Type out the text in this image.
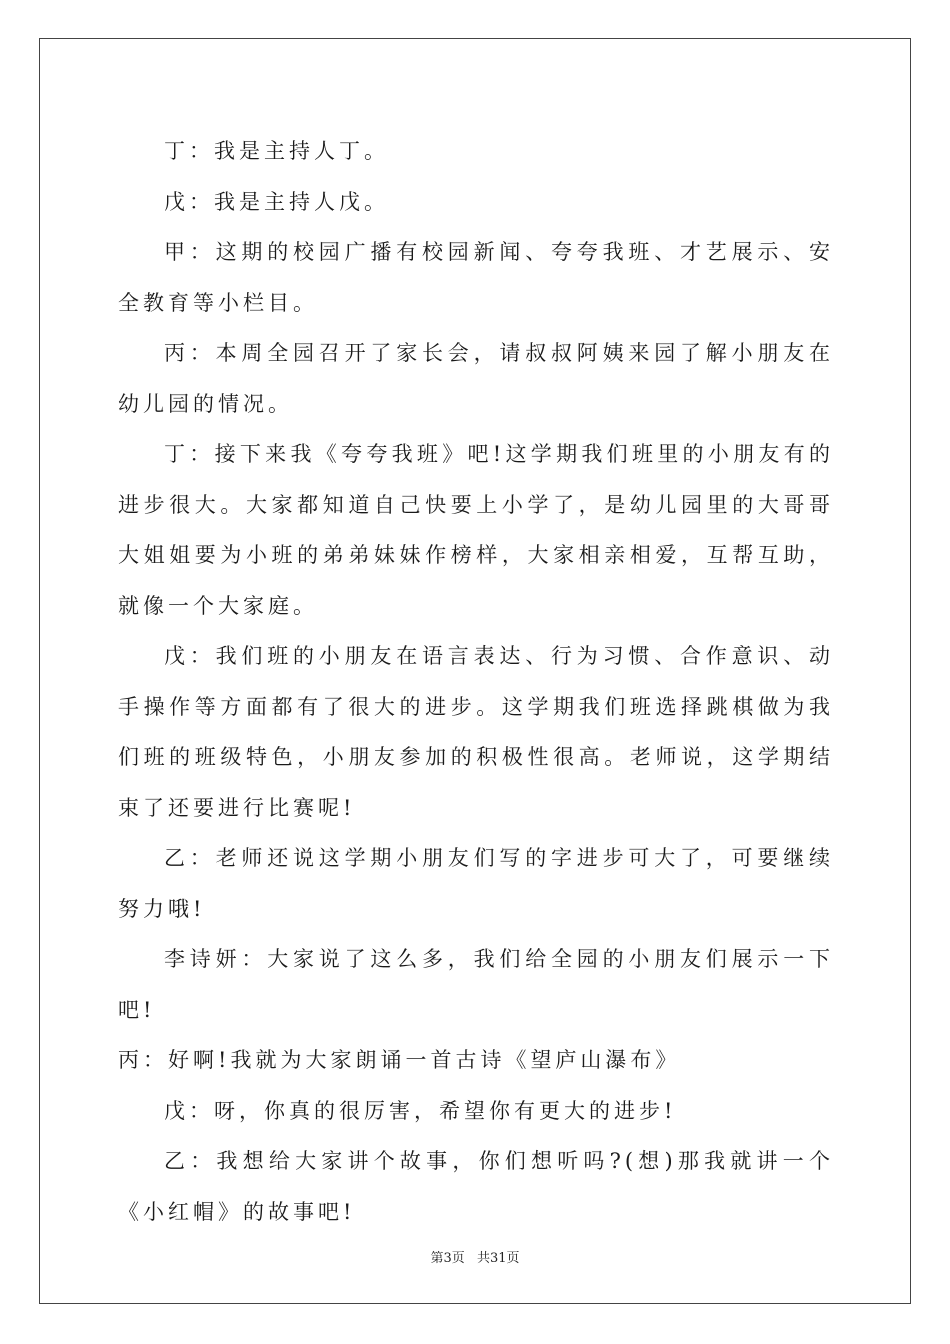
丁：我是主持人丁。

戊：我是主持人戊。

甲：这期的校园广播有校园新闻、夸夸我班、才艺展示、安全教育等小栏目。

丙：本周全园召开了家长会，请叔叔阿姨来园了解小朋友在幼儿园的情况。

丁：接下来我《夸夸我班》吧!这学期我们班里的小朋友有的进步很大。大家都知道自己快要上小学了，是幼儿园里的大哥哥大姐姐要为小班的弟弟妹妹作榜样，大家相亲相爱，互帮互助，就像一个大家庭。

戊：我们班的小朋友在语言表达、行为习惯、合作意识、动手操作等方面都有了很大的进步。这学期我们班选择跳棋做为我们班的班级特色，小朋友参加的积极性很高。老师说，这学期结束了还要进行比赛呢!

乙：老师还说这学期小朋友们写的字进步可大了，可要继续努力哦!

李诗妍：大家说了这么多，我们给全园的小朋友们展示一下吧!

丙：好啊!我就为大家朗诵一首古诗《望庐山瀑布》

戊：呀，你真的很厉害，希望你有更大的进步!

乙：我想给大家讲个故事，你们想听吗?(想)那我就讲一个《小红帽》的故事吧!

第3页 共31页
